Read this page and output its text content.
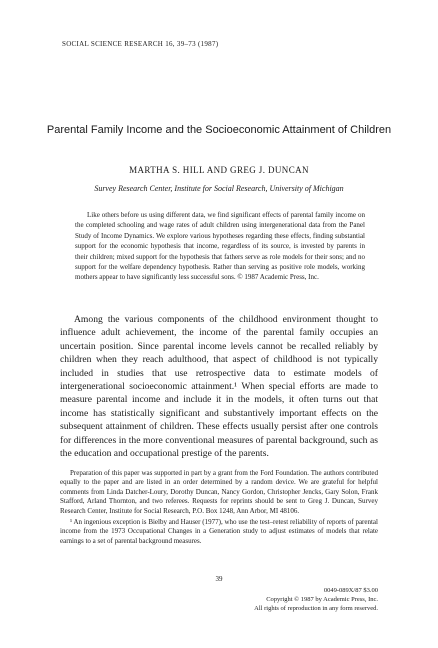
SOCIAL SCIENCE RESEARCH 16, 39–73 (1987)
Parental Family Income and the Socioeconomic Attainment of Children
MARTHA S. HILL AND GREG J. DUNCAN
Survey Research Center, Institute for Social Research, University of Michigan
Like others before us using different data, we find significant effects of parental family income on the completed schooling and wage rates of adult children using intergenerational data from the Panel Study of Income Dynamics. We explore various hypotheses regarding these effects, finding substantial support for the economic hypothesis that income, regardless of its source, is invested by parents in their children; mixed support for the hypothesis that fathers serve as role models for their sons; and no support for the welfare dependency hypothesis. Rather than serving as positive role models, working mothers appear to have significantly less successful sons. © 1987 Academic Press, Inc.
Among the various components of the childhood environment thought to influence adult achievement, the income of the parental family occupies an uncertain position. Since parental income levels cannot be recalled reliably by children when they reach adulthood, that aspect of childhood is not typically included in studies that use retrospective data to estimate models of intergenerational socioeconomic attainment.¹ When special efforts are made to measure parental income and include it in the models, it often turns out that income has statistically significant and substantively important effects on the subsequent attainment of children. These effects usually persist after one controls for differences in the more conventional measures of parental background, such as the education and occupational prestige of the parents.

Preparation of this paper was supported in part by a grant from the Ford Foundation. The authors contributed equally to the paper and are listed in an order determined by a random device. We are grateful for helpful comments from Linda Datcher-Loury, Dorothy Duncan, Nancy Gordon, Christopher Jencks, Gary Solon, Frank Stafford, Arland Thornton, and two referees. Requests for reprints should be sent to Greg J. Duncan, Survey Research Center, Institute for Social Research, P.O. Box 1248, Ann Arbor, MI 48106.

¹ An ingenious exception is Bielby and Hauser (1977), who use the test–retest reliability of reports of parental income from the 1973 Occupational Changes in a Generation study to adjust estimates of models that relate earnings to a set of parental background measures.

39
0049-089X/87 $3.00
Copyright © 1987 by Academic Press, Inc.
All rights of reproduction in any form reserved.
